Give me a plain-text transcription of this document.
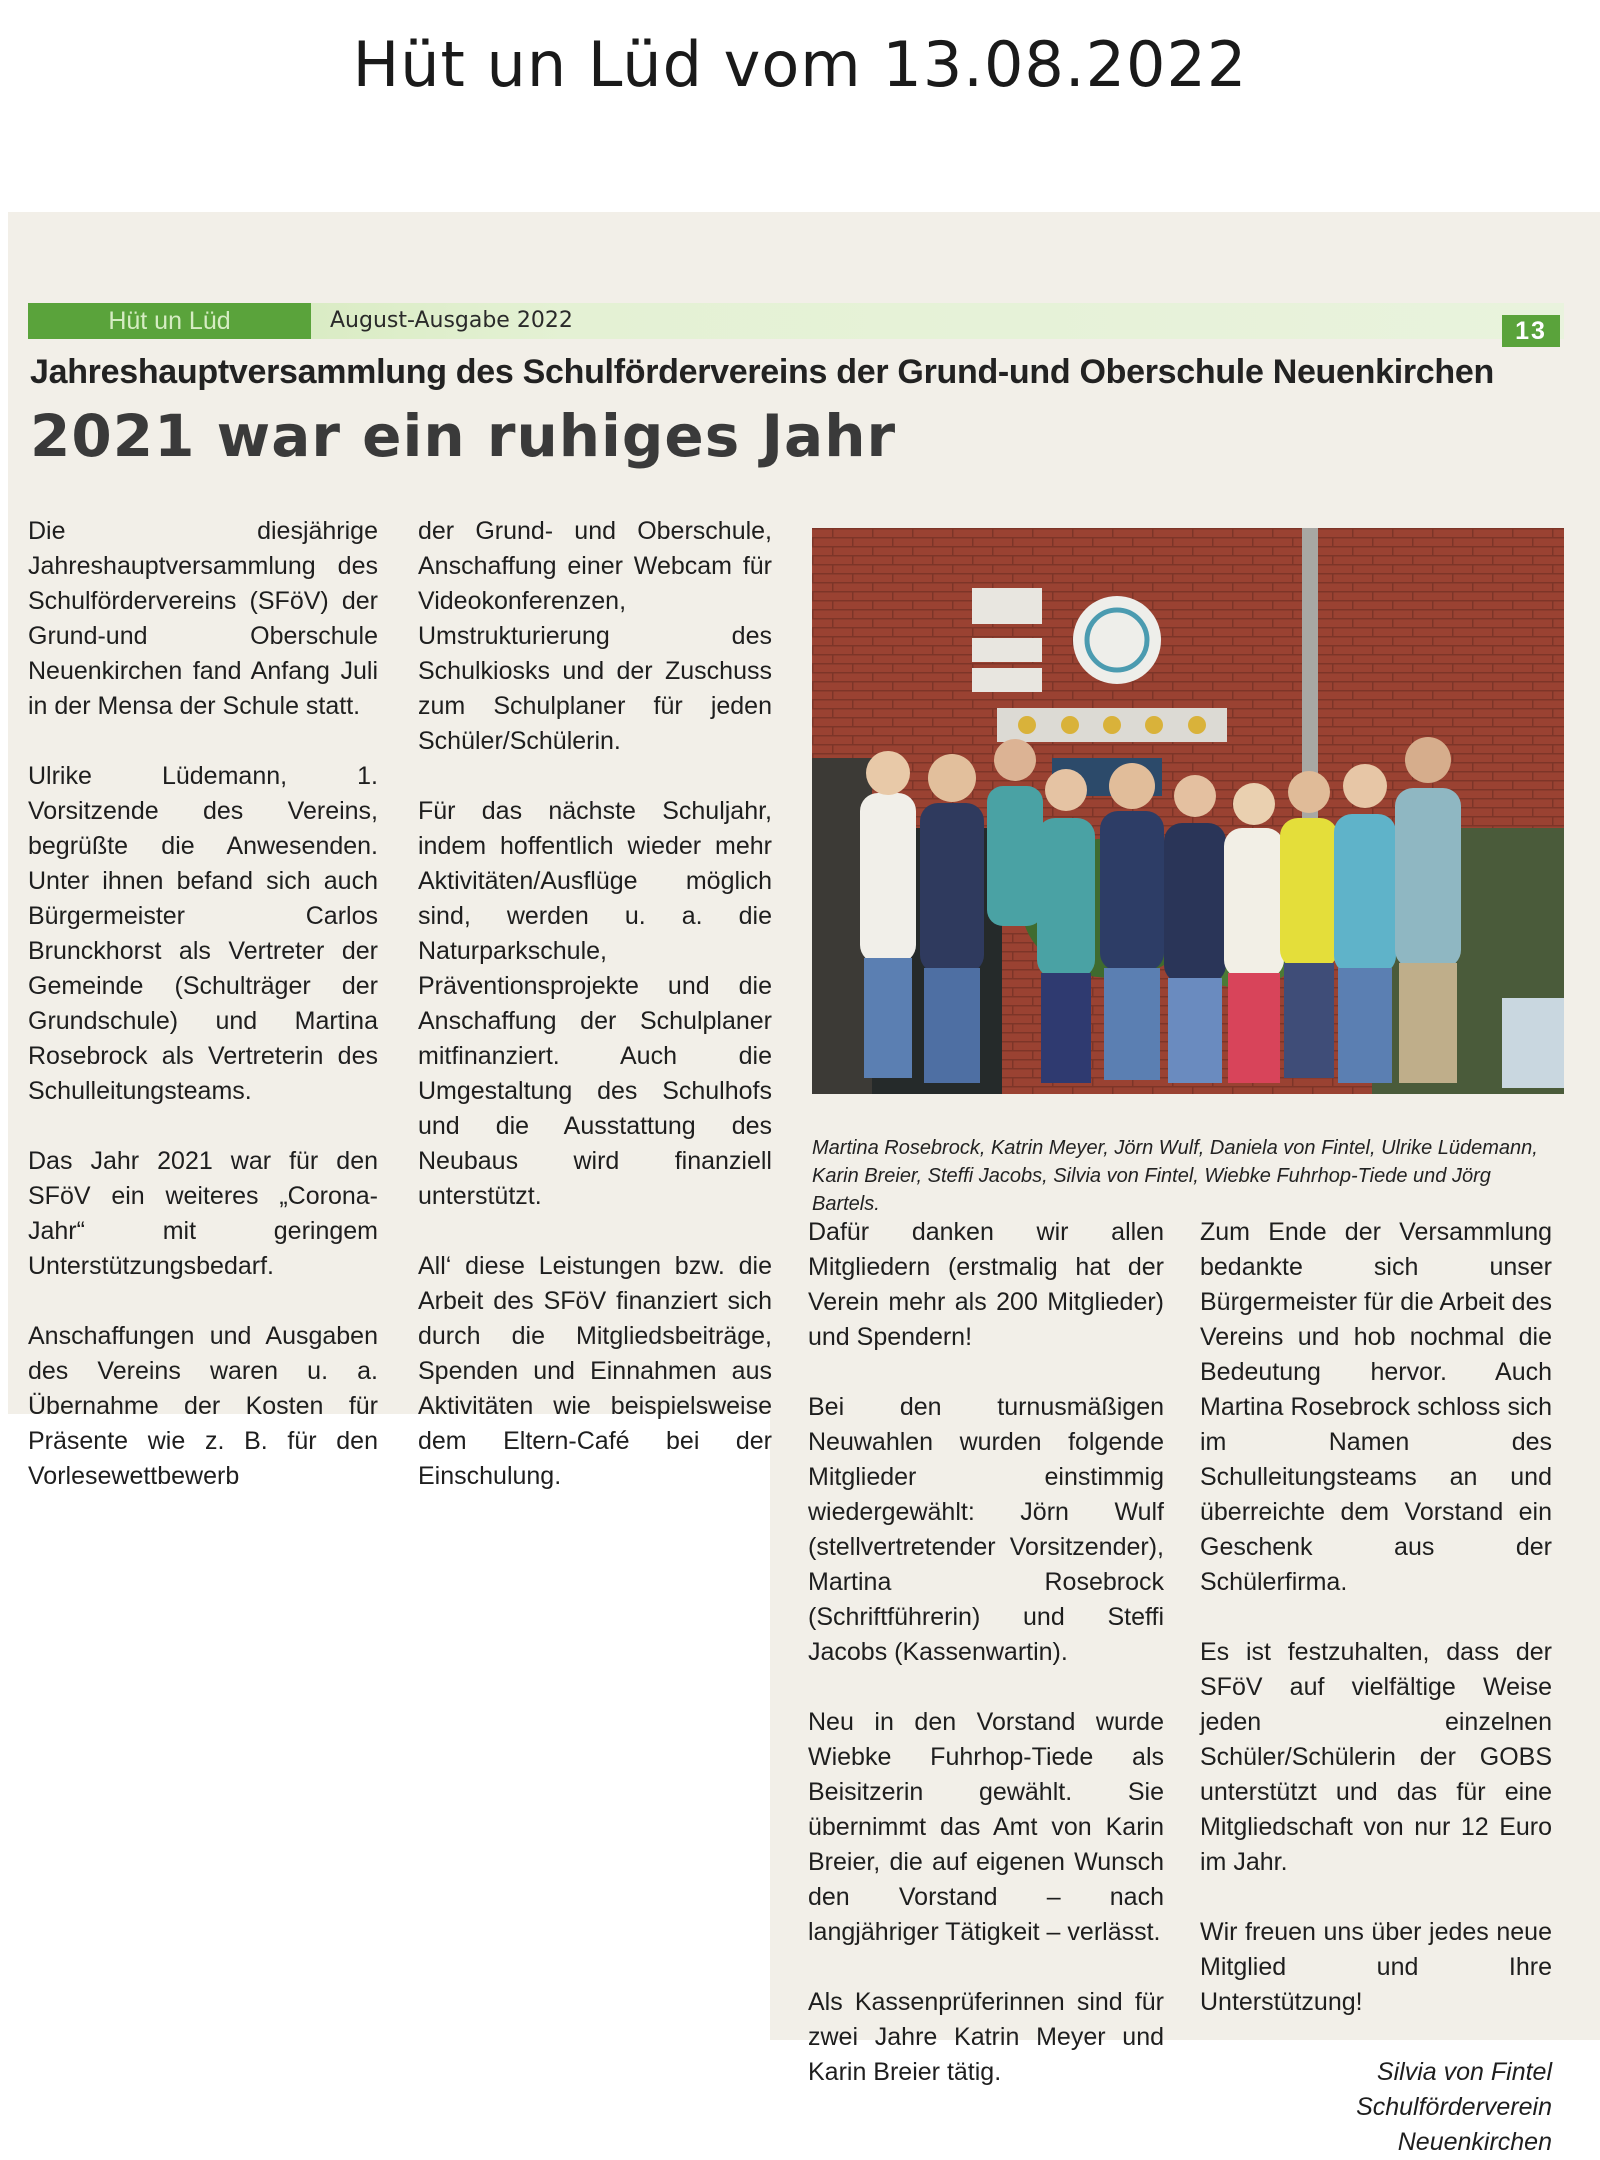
Hüt un Lüd vom 13.08.2022
Hüt un Lüd	August-Ausgabe 2022	13
Jahreshauptversammlung des Schulfördervereins der Grund-und Oberschule Neuenkirchen
2021 war ein ruhiges Jahr

Die diesjährige Jahreshauptversammlung des Schulfördervereins (SFöV) der Grund-und Oberschule Neuenkirchen fand Anfang Juli in der Mensa der Schule statt.

Ulrike Lüdemann, 1. Vorsitzende des Vereins, begrüßte die Anwesenden. Unter ihnen befand sich auch Bürgermeister Carlos Brunckhorst als Vertreter der Gemeinde (Schulträger der Grundschule) und Martina Rosebrock als Vertreterin des Schulleitungsteams.

Das Jahr 2021 war für den SFöV ein weiteres „Corona-Jahr“ mit geringem Unterstützungsbedarf.

Anschaffungen und Ausgaben des Vereins waren u. a. Übernahme der Kosten für Präsente wie z. B. für den Vorlesewettbewerb

der Grund- und Oberschule, Anschaffung einer Webcam für Videokonferenzen, Umstrukturierung des Schulkiosks und der Zuschuss zum Schulplaner für jeden Schüler/Schülerin.

Für das nächste Schuljahr, indem hoffentlich wieder mehr Aktivitäten/Ausflüge möglich sind, werden u. a. die Naturparkschule, Präventionsprojekte und die Anschaffung der Schulplaner mitfinanziert. Auch die Umgestaltung des Schulhofs und die Ausstattung des Neubaus wird finanziell unterstützt.

All‘ diese Leistungen bzw. die Arbeit des SFöV finanziert sich durch die Mitgliedsbeiträge, Spenden und Einnahmen aus Aktivitäten wie beispielsweise dem Eltern-Café bei der Einschulung.

Martina Rosebrock, Katrin Meyer, Jörn Wulf, Daniela von Fintel, Ulrike Lüdemann, Karin Breier, Steffi Jacobs, Silvia von Fintel, Wiebke Fuhrhop-Tiede und Jörg Bartels.

Dafür danken wir allen Mitgliedern (erstmalig hat der Verein mehr als 200 Mitglieder) und Spendern!

Bei den turnusmäßigen Neuwahlen wurden folgende Mitglieder einstimmig wiedergewählt: Jörn Wulf (stellvertretender Vorsitzender), Martina Rosebrock (Schriftführerin) und Steffi Jacobs (Kassenwartin).

Neu in den Vorstand wurde Wiebke Fuhrhop-Tiede als Beisitzerin gewählt. Sie übernimmt das Amt von Karin Breier, die auf eigenen Wunsch den Vorstand – nach langjähriger Tätigkeit – verlässt.

Als Kassenprüferinnen sind für zwei Jahre Katrin Meyer und Karin Breier tätig.

Zum Ende der Versammlung bedankte sich unser Bürgermeister für die Arbeit des Vereins und hob nochmal die Bedeutung hervor. Auch Martina Rosebrock schloss sich im Namen des Schulleitungsteams an und überreichte dem Vorstand ein Geschenk aus der Schülerfirma.

Es ist festzuhalten, dass der SFöV auf vielfältige Weise jeden einzelnen Schüler/Schülerin der GOBS unterstützt und das für eine Mitgliedschaft von nur 12 Euro im Jahr.

Wir freuen uns über jedes neue Mitglied und Ihre Unterstützung!

Silvia von Fintel
Schulförderverein Neuenkirchen
